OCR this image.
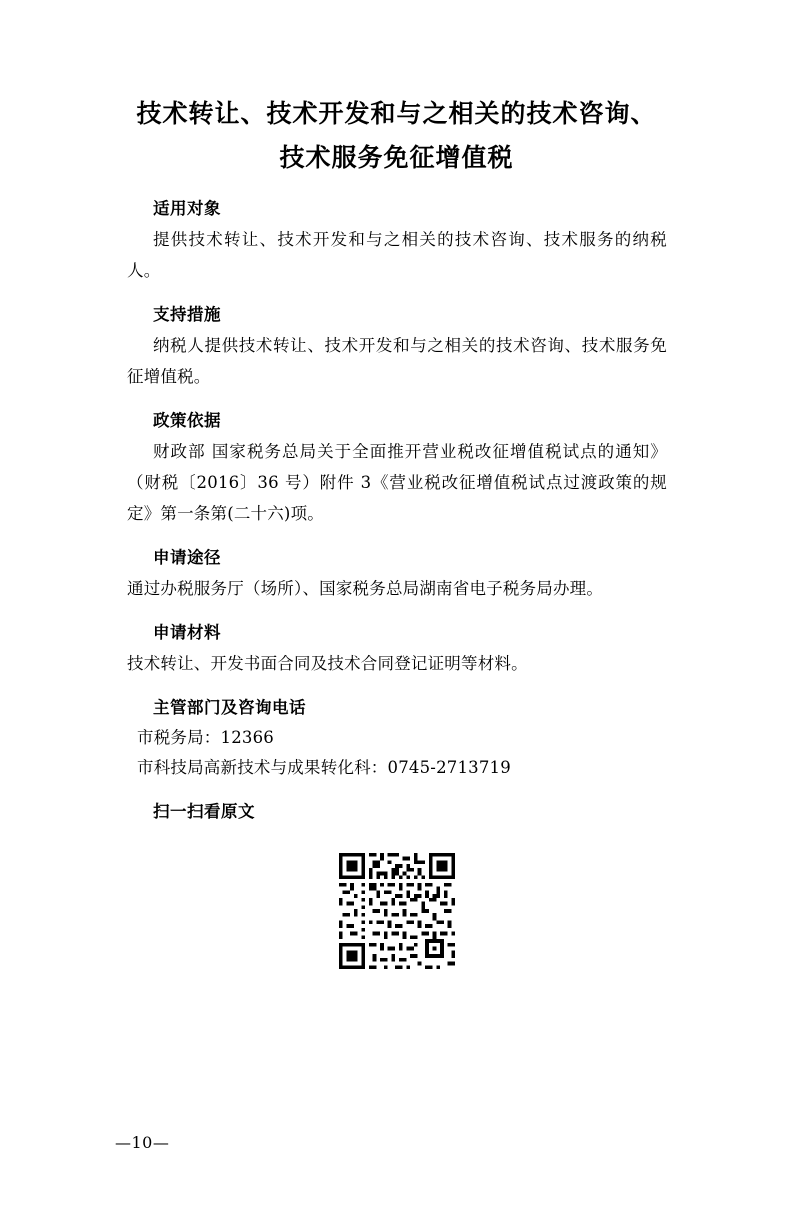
技术转让、技术开发和与之相关的技术咨询、
技术服务免征增值税
适用对象
提供技术转让、技术开发和与之相关的技术咨询、技术服务的纳税人。
支持措施
纳税人提供技术转让、技术开发和与之相关的技术咨询、技术服务免征增值税。
政策依据
财政部 国家税务总局关于全面推开营业税改征增值税试点的通知》（财税〔2016〕36 号）附件 3《营业税改征增值税试点过渡政策的规定》第一条第(二十六)项。
申请途径
通过办税服务厅（场所）、国家税务总局湖南省电子税务局办理。
申请材料
技术转让、开发书面合同及技术合同登记证明等材料。
主管部门及咨询电话
市税务局：12366
市科技局高新技术与成果转化科：0745-2713719
扫一扫看原文
—10—
